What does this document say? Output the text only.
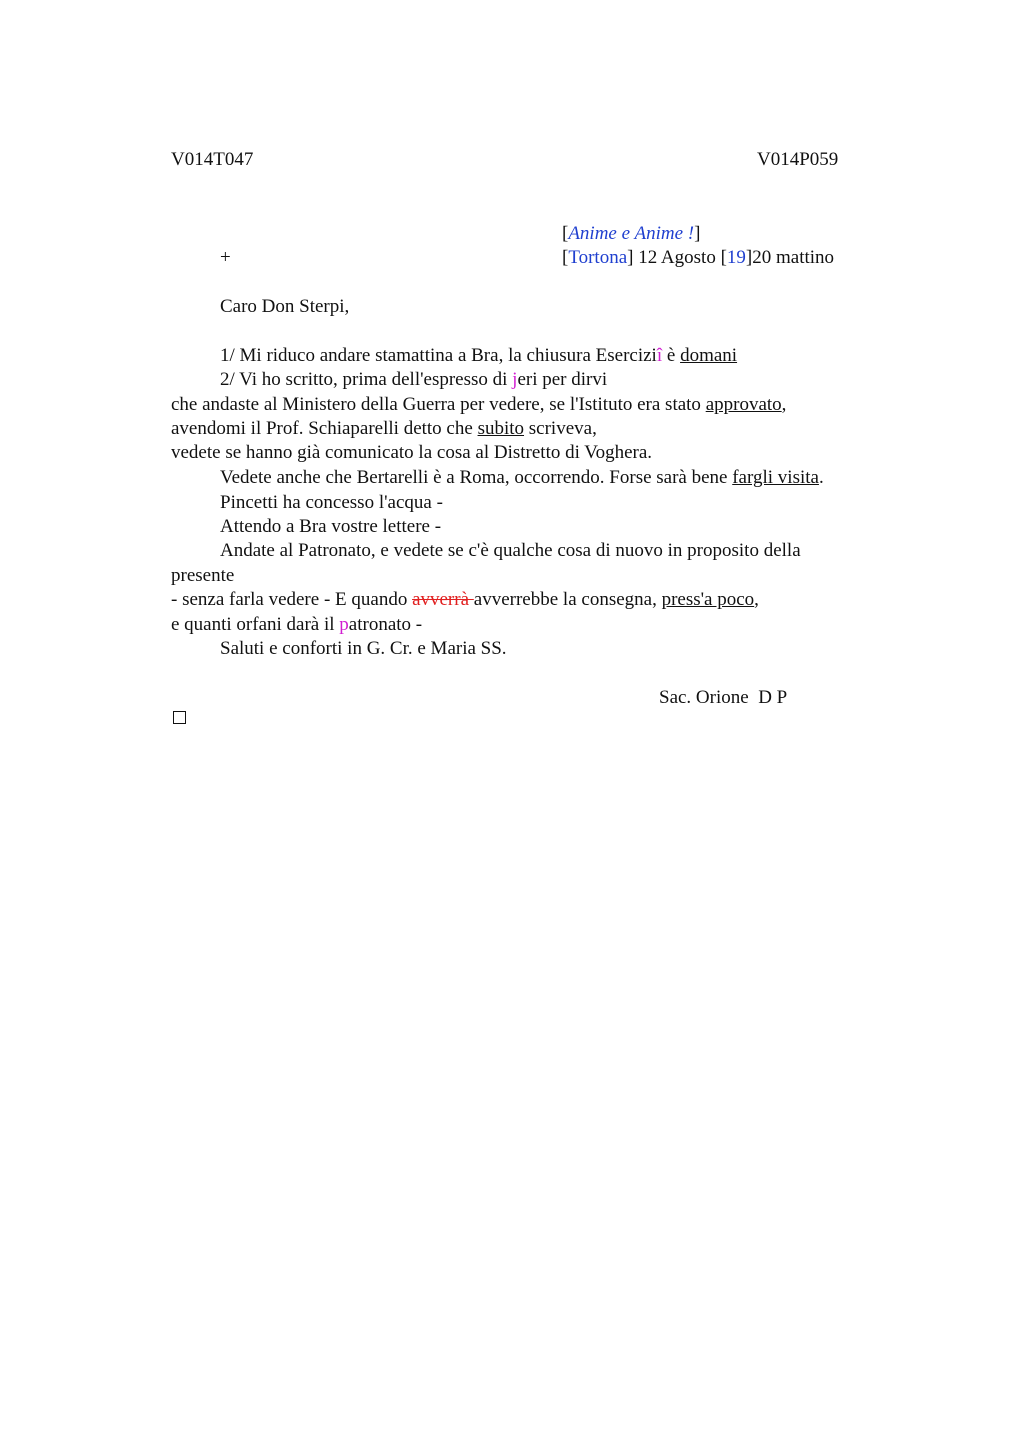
V014T047	V014P059
[Anime e Anime !]
+	[Tortona] 12 Agosto [19]20 mattino
Caro Don Sterpi,
1/ Mi riduco andare stamattina a Bra, la chiusura Eserciziî è domani
2/ Vi ho scritto, prima dell'espresso di jeri per dirvi
che andaste al Ministero della Guerra per vedere, se l'Istituto era stato approvato,
avendomi il Prof. Schiaparelli detto che subito scriveva,
vedete se hanno già comunicato la cosa al Distretto di Voghera.
Vedete anche che Bertarelli è a Roma, occorrendo. Forse sarà bene fargli visita.
Pincetti ha concesso l'acqua -
Attendo a Bra vostre lettere -
Andate al Patronato, e vedete se c'è qualche cosa di nuovo in proposito della
presente
- senza farla vedere - E quando avverrà avverrebbe la consegna, press'a poco,
e quanti orfani darà il patronato -
Saluti e conforti in G. Cr. e Maria SS.
Sac. Orione  D P
